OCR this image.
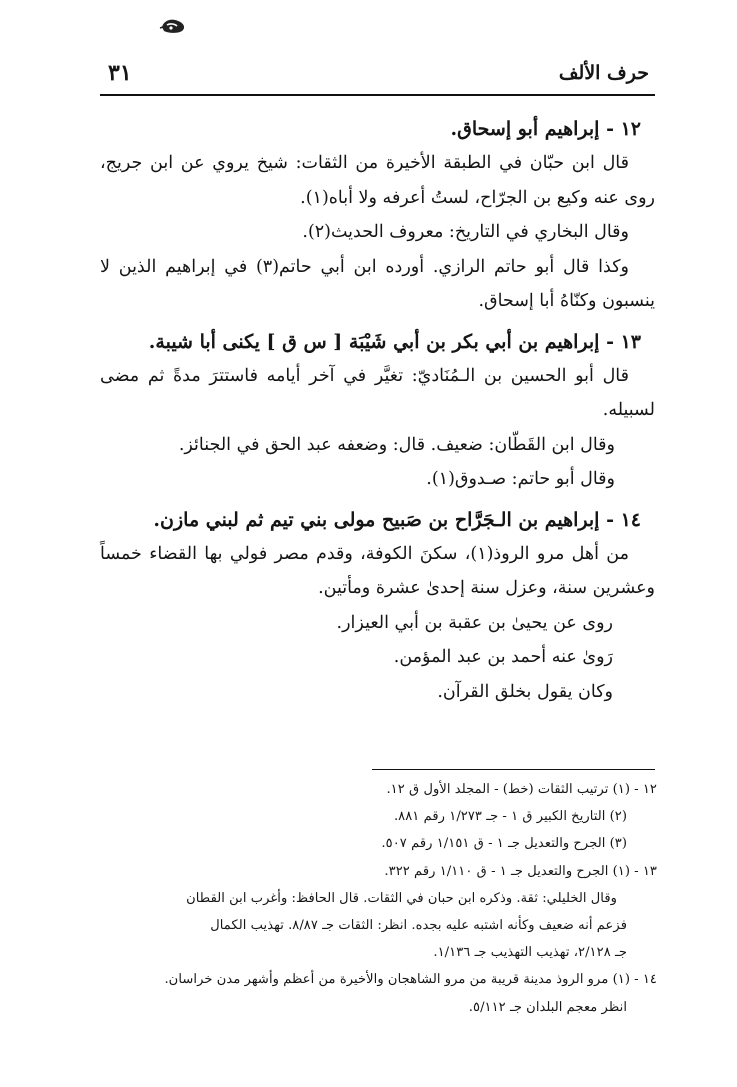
حرف الألف
٣١
١٢ - إبراهيم أبو إسحاق.
قال ابن حبّان في الطبقة الأخيرة من الثقات: شيخ يروي عن ابن جريج، روى عنه وكيع بن الجرّاح، لستُ أعرفه ولا أباه(١).
وقال البخاري في التاريخ: معروف الحديث(٢).
وكذا قال أبو حاتم الرازي. أورده ابن أبي حاتم(٣) في إبراهيم الذين لا ينسبون وكنّاهُ أبا إسحاق.
١٣ - إبراهيم بن أبي بكر بن أبي شَيْبَة [ س ق ] يكنى أبا شيبة.
قال أبو الحسين بن الـمُنَاديّ: تغيَّر في آخر أيامه فاستترَ مدةً ثم مضى لسبيله.
وقال ابن القَطّان: ضعيف. قال: وضعفه عبد الحق في الجنائز.
وقال أبو حاتم: صـدوق(١).
١٤ - إبراهيم بن الـجَرَّاح بن صَبيح مولى بني تيم ثم لبني مازن.
من أهل مرو الروذ(١)، سكنَ الكوفة، وقدم مصر فولي بها القضاء خمساً وعشرين سنة، وعزل سنة إحدىٰ عشرة ومأتين.
روى عن يحيىٰ بن عقبة بن أبي العيزار.
رَوىٰ عنه أحمد بن عبد المؤمن.
وكان يقول بخلق القرآن.
١٢ - (١) ترتيب الثقات (خط) - المجلد الأول ق ١٢.
(٢) التاريخ الكبير ق ١ - جـ ١/٢٧٣ رقم ٨٨١.
(٣) الجرح والتعديل جـ ١ - ق ١/١٥١ رقم ٥٠٧.
١٣ - (١) الجرح والتعديل جـ ١ - ق ١/١١٠ رقم ٣٢٢.
وقال الخليلي: ثقة. وذكره ابن حبان في الثقات. قال الحافظ: وأغرب ابن القطان
فزعم أنه ضعيف وكأنه اشتبه عليه بجده. انظر: الثقات جـ ٨/٨٧. تهذيب الكمال
جـ ٢/١٢٨، تهذيب التهذيب جـ ١/١٣٦.
١٤ - (١) مرو الروذ مدينة قريبة من مرو الشاهجان والأخيرة من أعظم وأشهر مدن خراسان.
انظر معجم البلدان جـ ٥/١١٢.
